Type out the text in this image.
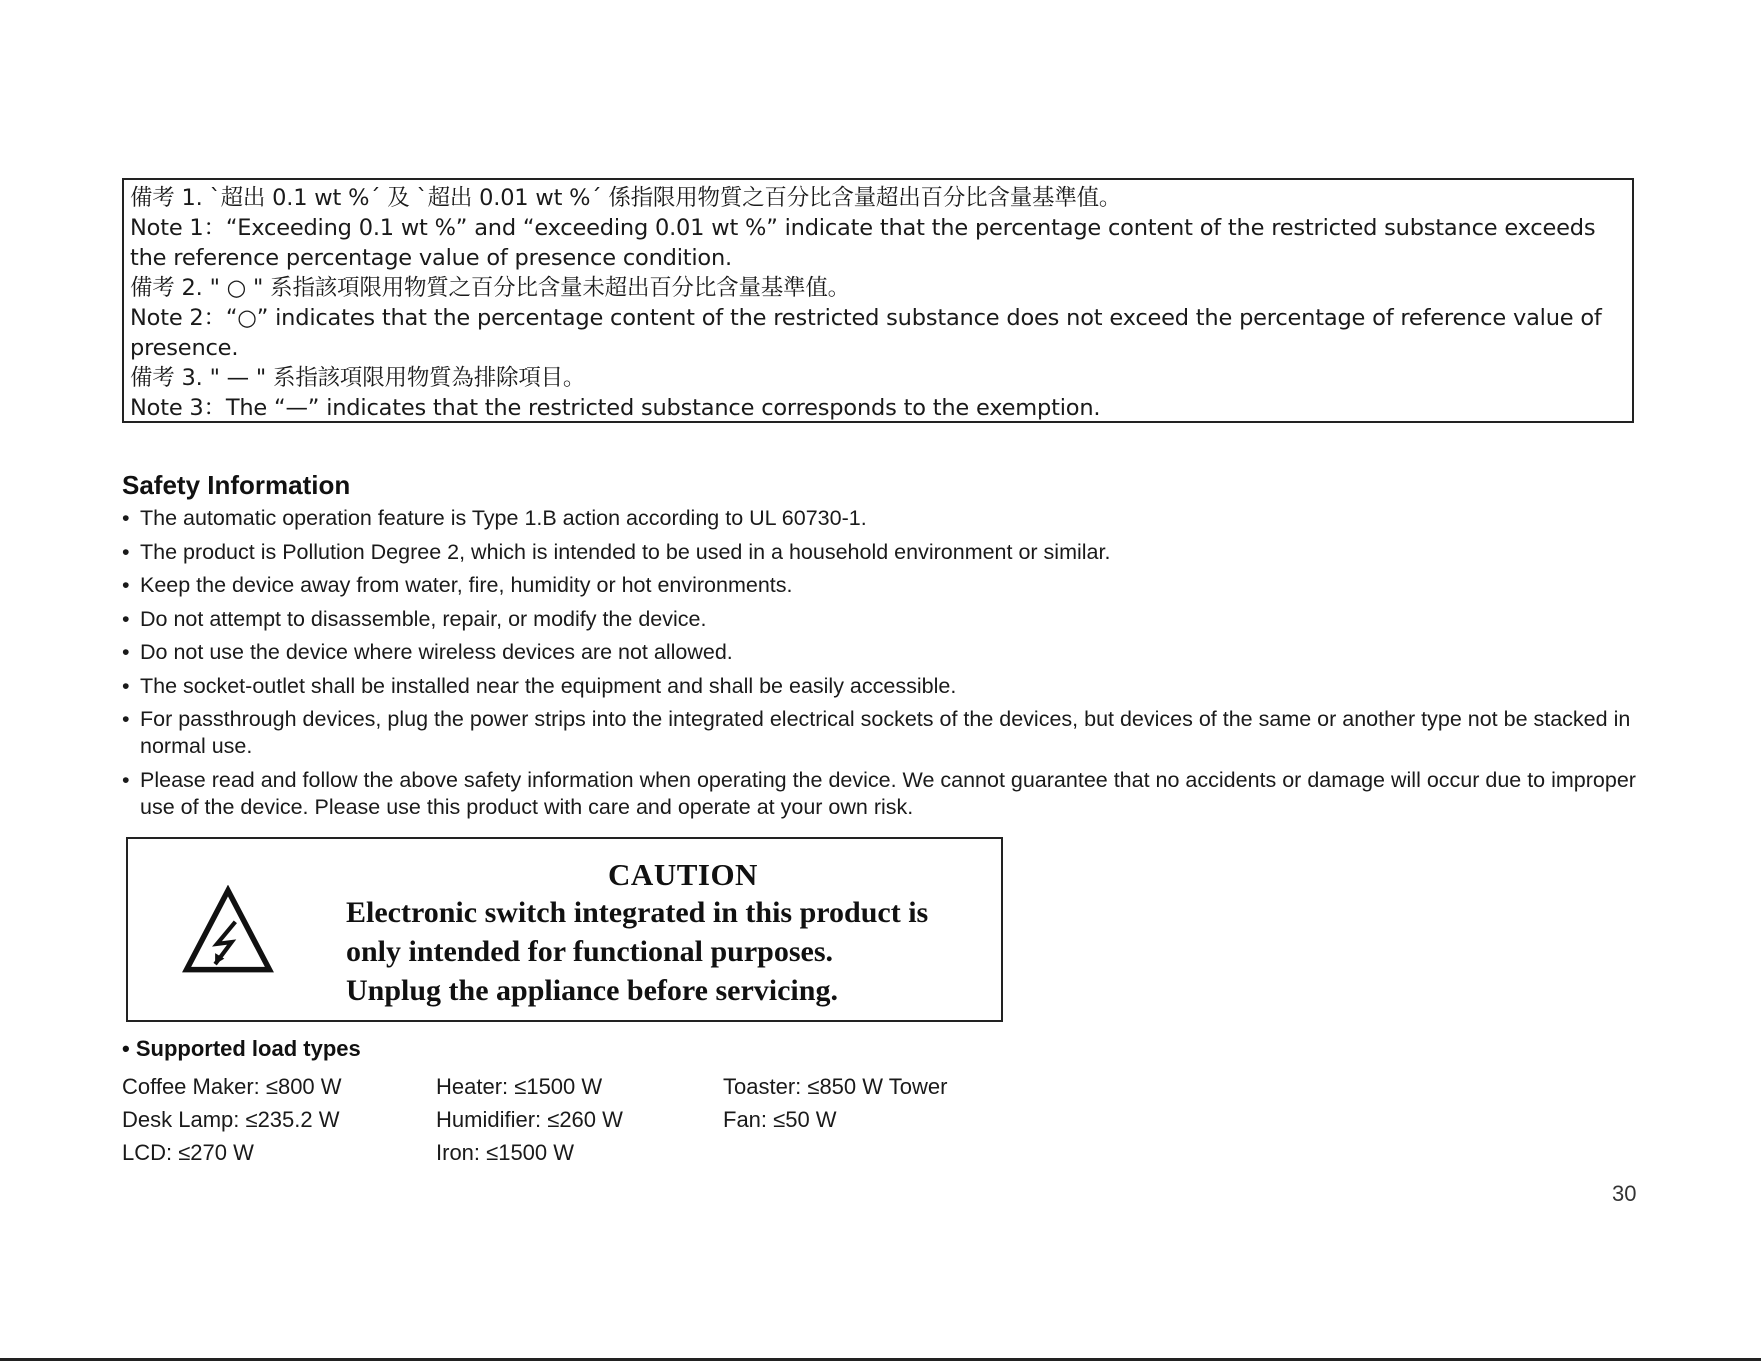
備考 1. ˋ超出 0.1 wt %ˊ 及 ˋ超出 0.01 wt %ˊ 係指限用物質之百分比含量超出百分比含量基準值。
Note 1：“Exceeding 0.1 wt %” and “exceeding 0.01 wt %” indicate that the percentage content of the restricted substance exceeds the reference percentage value of presence condition.
備考 2. " ○ " 系指該項限用物質之百分比含量未超出百分比含量基準值。
Note 2：“○” indicates that the percentage content of the restricted substance does not exceed the percentage of reference value of presence.
備考 3. " — " 系指該項限用物質為排除項目。
Note 3：The “—” indicates that the restricted substance corresponds to the exemption.
Safety Information
• The automatic operation feature is Type 1.B action according to UL 60730-1.
• The product is Pollution Degree 2, which is intended to be used in a household environment or similar.
• Keep the device away from water, fire, humidity or hot environments.
• Do not attempt to disassemble, repair, or modify the device.
• Do not use the device where wireless devices are not allowed.
• The socket-outlet shall be installed near the equipment and shall be easily accessible.
• For passthrough devices, plug the power strips into the integrated electrical sockets of the devices, but devices of the same or another type not be stacked in normal use.
• Please read and follow the above safety information when operating the device. We cannot guarantee that no accidents or damage will occur due to improper use of the device. Please use this product with care and operate at your own risk.
CAUTION
Electronic switch integrated in this product is
only intended for functional purposes.
Unplug the appliance before servicing.
• Supported load types
Coffee Maker: ≤800 W
Desk Lamp: ≤235.2 W
LCD: ≤270 W
Heater: ≤1500 W
Humidifier: ≤260 W
Iron: ≤1500 W
Toaster: ≤850 W Tower
Fan: ≤50 W
30
